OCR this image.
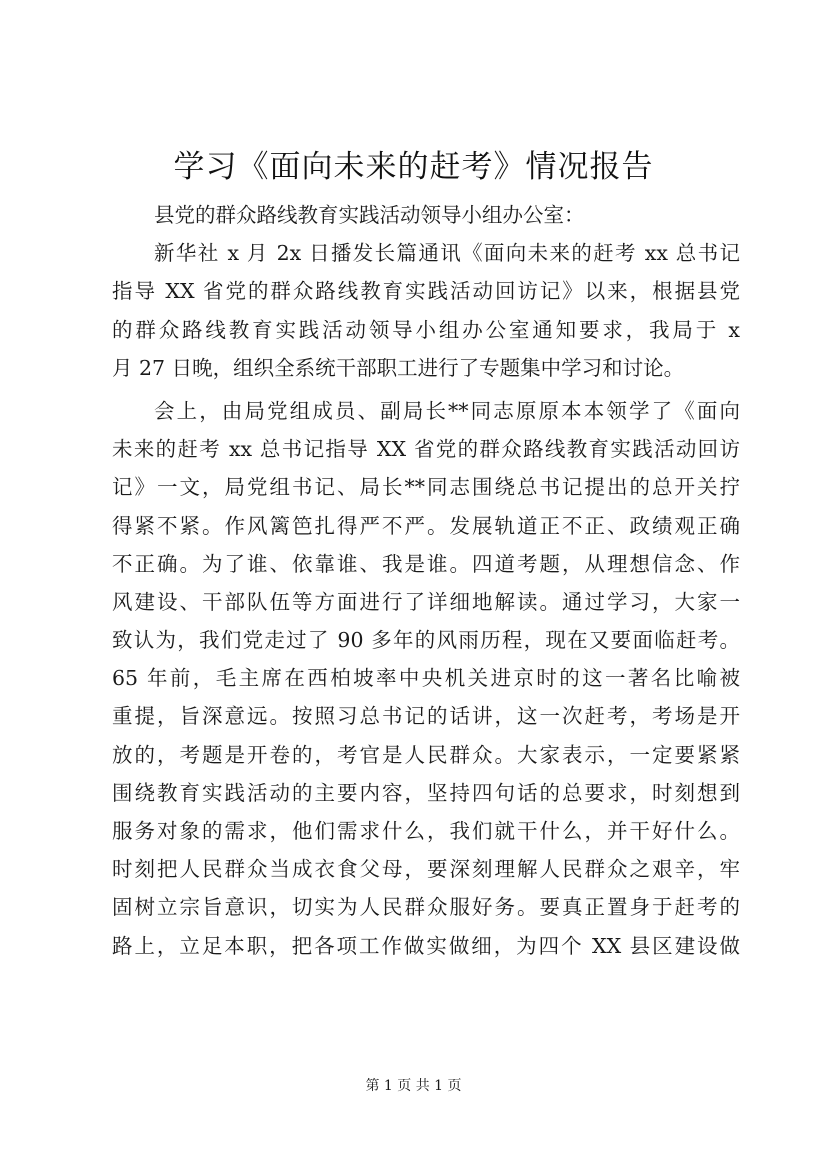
学习《面向未来的赶考》情况报告
县党的群众路线教育实践活动领导小组办公室：
新华社 x 月 2x 日播发长篇通讯《面向未来的赶考 xx 总书记
指导 XX 省党的群众路线教育实践活动回访记》以来，根据县党
的群众路线教育实践活动领导小组办公室通知要求，我局于 x
月 27 日晚，组织全系统干部职工进行了专题集中学习和讨论。
会上，由局党组成员、副局长**同志原原本本领学了《面向
未来的赶考 xx 总书记指导 XX 省党的群众路线教育实践活动回访
记》一文，局党组书记、局长**同志围绕总书记提出的总开关拧
得紧不紧。作风篱笆扎得严不严。发展轨道正不正、政绩观正确
不正确。为了谁、依靠谁、我是谁。四道考题，从理想信念、作
风建设、干部队伍等方面进行了详细地解读。通过学习，大家一
致认为，我们党走过了 90 多年的风雨历程，现在又要面临赶考。
65 年前，毛主席在西柏坡率中央机关进京时的这一著名比喻被
重提，旨深意远。按照习总书记的话讲，这一次赶考，考场是开
放的，考题是开卷的，考官是人民群众。大家表示，一定要紧紧
围绕教育实践活动的主要内容，坚持四句话的总要求，时刻想到
服务对象的需求，他们需求什么，我们就干什么，并干好什么。
时刻把人民群众当成衣食父母，要深刻理解人民群众之艰辛，牢
固树立宗旨意识，切实为人民群众服好务。要真正置身于赶考的
路上，立足本职，把各项工作做实做细，为四个 XX 县区建设做
第 1 页 共 1 页
